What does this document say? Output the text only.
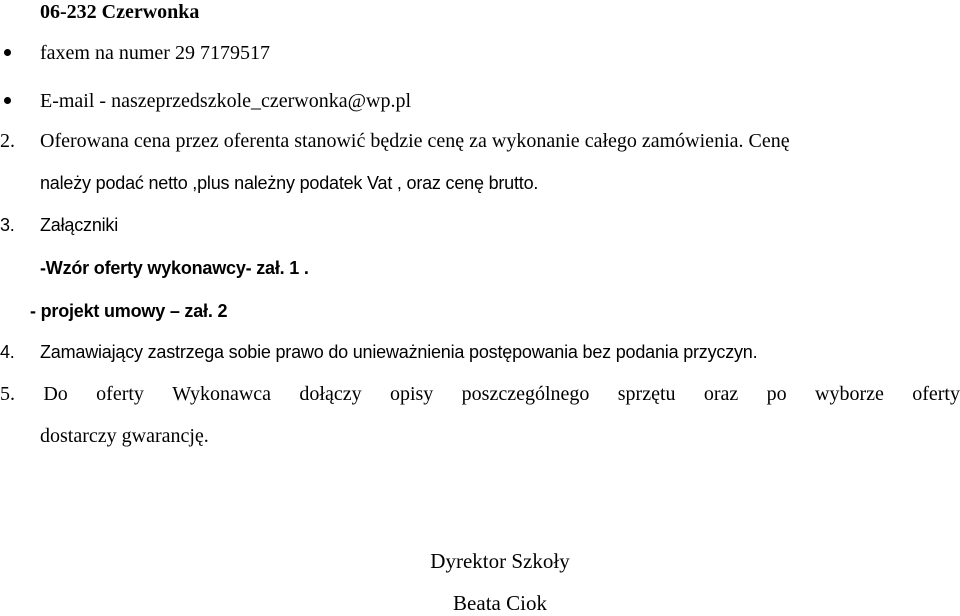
06-232 Czerwonka
faxem na numer 29 7179517
E-mail - naszeprzedszkole_czerwonka@wp.pl
2. Oferowana cena przez oferenta stanowić będzie cenę za wykonanie całego zamówienia. Cenę
należy podać netto ,plus należny podatek Vat , oraz cenę brutto.
3. Załączniki
-Wzór oferty wykonawcy- zał. 1 .
- projekt umowy – zał. 2
4. Zamawiający zastrzega sobie prawo do unieważnienia postępowania bez podania przyczyn.
5. Do oferty Wykonawca dołączy opisy poszczególnego sprzętu oraz po wyborze oferty
dostarczy gwarancję.
Dyrektor Szkoły
Beata Ciok
